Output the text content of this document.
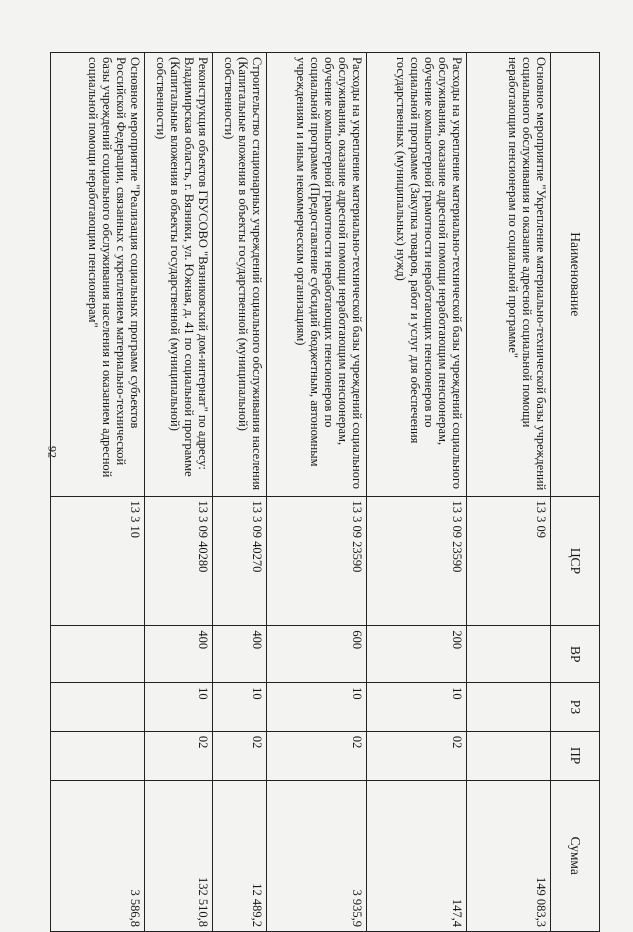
92
Наименование	ЦСР	ВР	РЗ	ПР	Сумма
Основное мероприятие "Укрепление материально-технической базы учреждений социального обслуживания и оказание адресной социальной помощи неработающим пенсионерам по социальной программе"	13 3 09				149 083,3
Расходы на укрепление материально-технической базы учреждений социального обслуживания, оказание адресной помощи неработающим пенсионерам, обучение компьютерной грамотности неработающих пенсионеров по социальной программе (Закупка товаров, работ и услуг для обеспечения государственных (муниципальных) нужд)	13 3 09 23590	200	10	02	147,4
Расходы на укрепление материально-технической базы учреждений социального обслуживания, оказание адресной помощи неработающим пенсионерам, обучение компьютерной грамотности неработающих пенсионеров по социальной программе (Предоставление субсидий бюджетным, автономным учреждениям и иным некоммерческим организациям)	13 3 09 23590	600	10	02	3 935,9
Строительство стационарных учреждений социального обслуживания населения (Капитальные вложения в объекты государственной (муниципальной) собственности)	13 3 09 40270	400	10	02	12 489,2
Реконструкция объектов ГБУСОВО "Вязниковский дом-интернат" по адресу: Владимирская область, г. Вязники, ул. Южная, д. 41 по социальной программе (Капитальные вложения в объекты государственной (муниципальной) собственности)	13 3 09 40280	400	10	02	132 510,8
Основное мероприятие "Реализация социальных программ субъектов Российской Федерации, связанных с укреплением материально-технической базы учреждений социального обслуживания населения и оказанием адресной социальной помощи неработающим пенсионерам"	13 3 10				3 586,8
